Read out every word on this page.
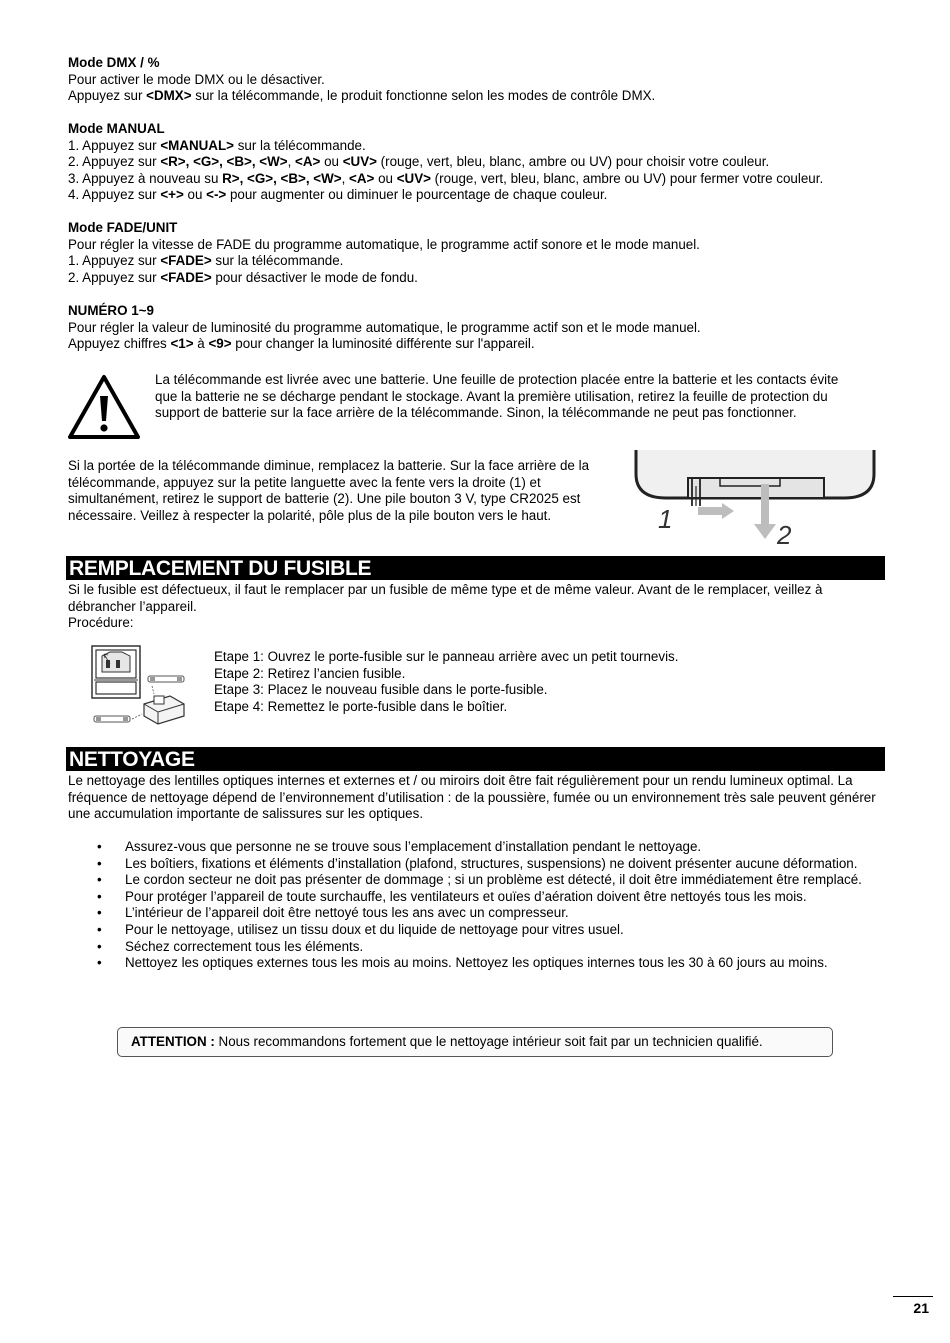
Mode DMX / %

Pour activer le mode DMX ou le désactiver.

Appuyez sur <DMX> sur la télécommande, le produit fonctionne selon les modes de contrôle DMX.

Mode MANUAL

1. Appuyez sur <MANUAL> sur la télécommande.

2. Appuyez sur <R>, <G>, <B>, <W>, <A> ou <UV> (rouge, vert, bleu, blanc, ambre ou UV) pour choisir votre couleur.

3. Appuyez à nouveau su R>, <G>, <B>, <W>, <A> ou <UV> (rouge, vert, bleu, blanc, ambre ou UV) pour fermer votre couleur.

4. Appuyez sur <+> ou <-> pour augmenter ou diminuer le pourcentage de chaque couleur.

Mode FADE/UNIT

Pour régler la vitesse de FADE du programme automatique, le programme actif sonore et le mode manuel.

1. Appuyez sur <FADE> sur la télécommande.

2. Appuyez sur <FADE> pour désactiver le mode de fondu.

NUMÉRO 1~9

Pour régler la valeur de luminosité du programme automatique, le programme actif son et le mode manuel.

Appuyez chiffres <1> à <9> pour changer la luminosité différente sur l'appareil.

La télécommande est livrée avec une batterie. Une feuille de protection placée entre la batterie et les contacts évite que la batterie ne se décharge pendant le stockage. Avant la première utilisation, retirez la feuille de protection du support de batterie sur la face arrière de la télécommande. Sinon, la télécommande ne peut pas fonctionner.

Si la portée de la télécommande diminue, remplacez la batterie. Sur la face arrière de la télécommande, appuyez sur la petite languette avec la fente vers la droite (1) et simultanément, retirez le support de batterie (2). Une pile bouton 3 V, type CR2025 est nécessaire. Veillez à respecter la polarité, pôle plus de la pile bouton vers le haut.	1
2
REMPLACEMENT DU FUSIBLE

Si le fusible est défectueux, il faut le remplacer par un fusible de même type et de même valeur. Avant de le remplacer, veillez à débrancher l’appareil.

Procédure:

Etape 1: Ouvrez le porte-fusible sur le panneau arrière avec un petit tournevis.

Etape 2: Retirez l’ancien fusible.

Etape 3: Placez le nouveau fusible dans le porte-fusible.

Etape 4: Remettez le porte-fusible dans le boîtier.

NETTOYAGE

Le nettoyage des lentilles optiques internes et externes et / ou miroirs doit être fait régulièrement pour un rendu lumineux optimal. La fréquence de nettoyage dépend de l’environnement d’utilisation : de la poussière, fumée ou un environnement très sale peuvent générer une accumulation importante de salissures sur les optiques.

• Assurez-vous que personne ne se trouve sous l’emplacement d’installation pendant le nettoyage.
• Les boîtiers, fixations et éléments d’installation (plafond, structures, suspensions) ne doivent présenter aucune déformation.
• Le cordon secteur ne doit pas présenter de dommage ; si un problème est détecté, il doit être immédiatement être remplacé.
• Pour protéger l’appareil de toute surchauffe, les ventilateurs et ouïes d’aération doivent être nettoyés tous les mois.
• L’intérieur de l’appareil doit être nettoyé tous les ans avec un compresseur.
• Pour le nettoyage, utilisez un tissu doux et du liquide de nettoyage pour vitres usuel.
• Séchez correctement tous les éléments.
• Nettoyez les optiques externes tous les mois au moins. Nettoyez les optiques internes tous les 30 à 60 jours au moins.
ATTENTION : Nous recommandons fortement que le nettoyage intérieur soit fait par un technicien qualifié.
21
